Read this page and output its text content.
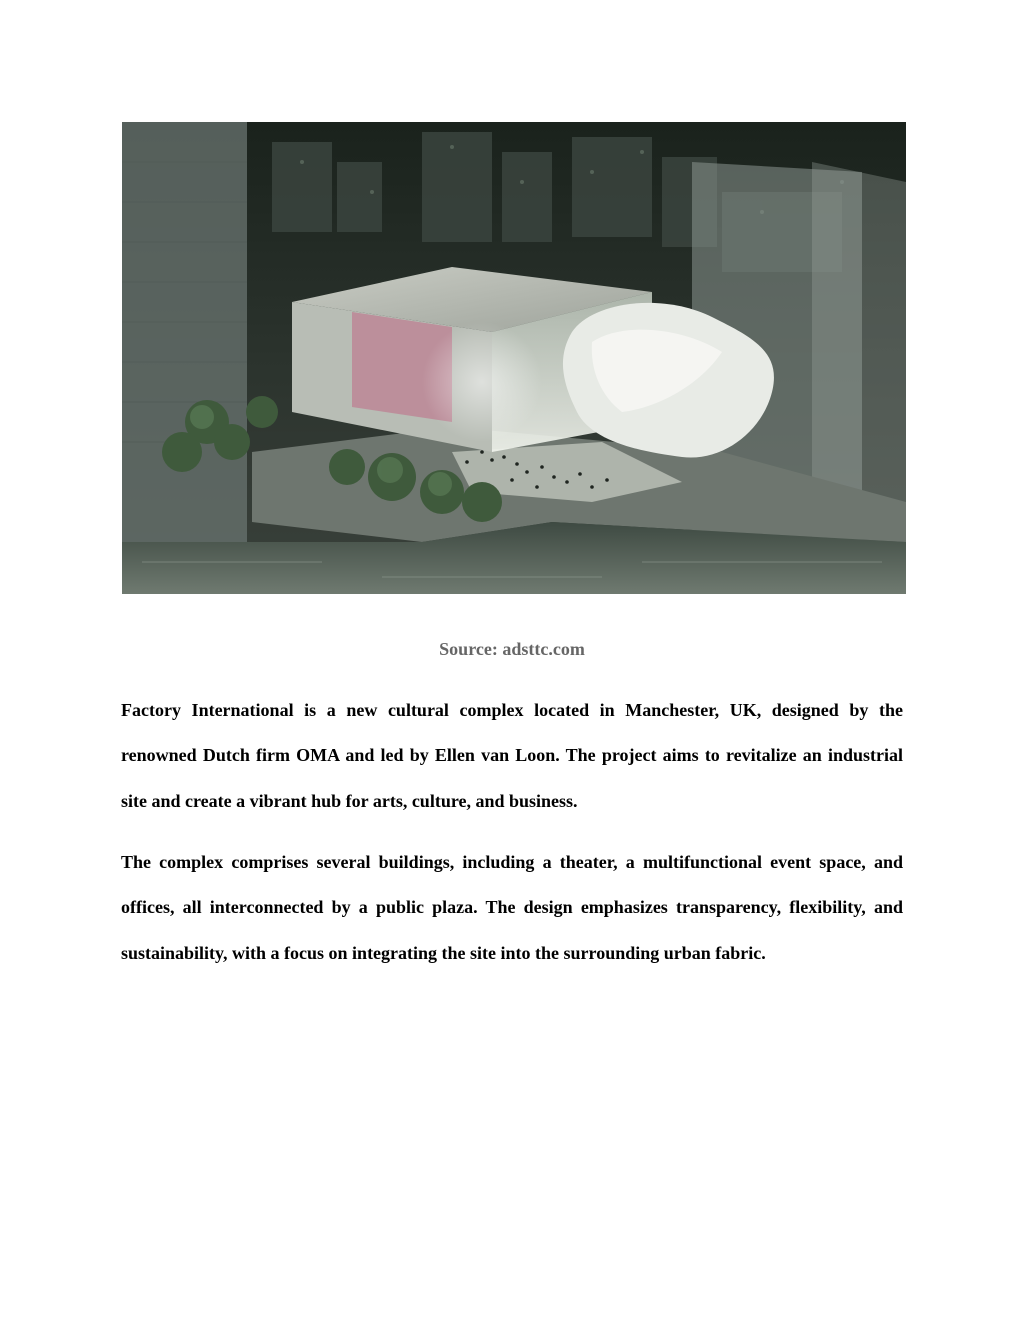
Source: adsttc.com

Factory International is a new cultural complex located in Manchester, UK, designed by the renowned Dutch firm OMA and led by Ellen van Loon. The project aims to revitalize an industrial site and create a vibrant hub for arts, culture, and business.

The complex comprises several buildings, including a theater, a multifunctional event space, and offices, all interconnected by a public plaza. The design emphasizes transparency, flexibility, and sustainability, with a focus on integrating the site into the surrounding urban fabric.
